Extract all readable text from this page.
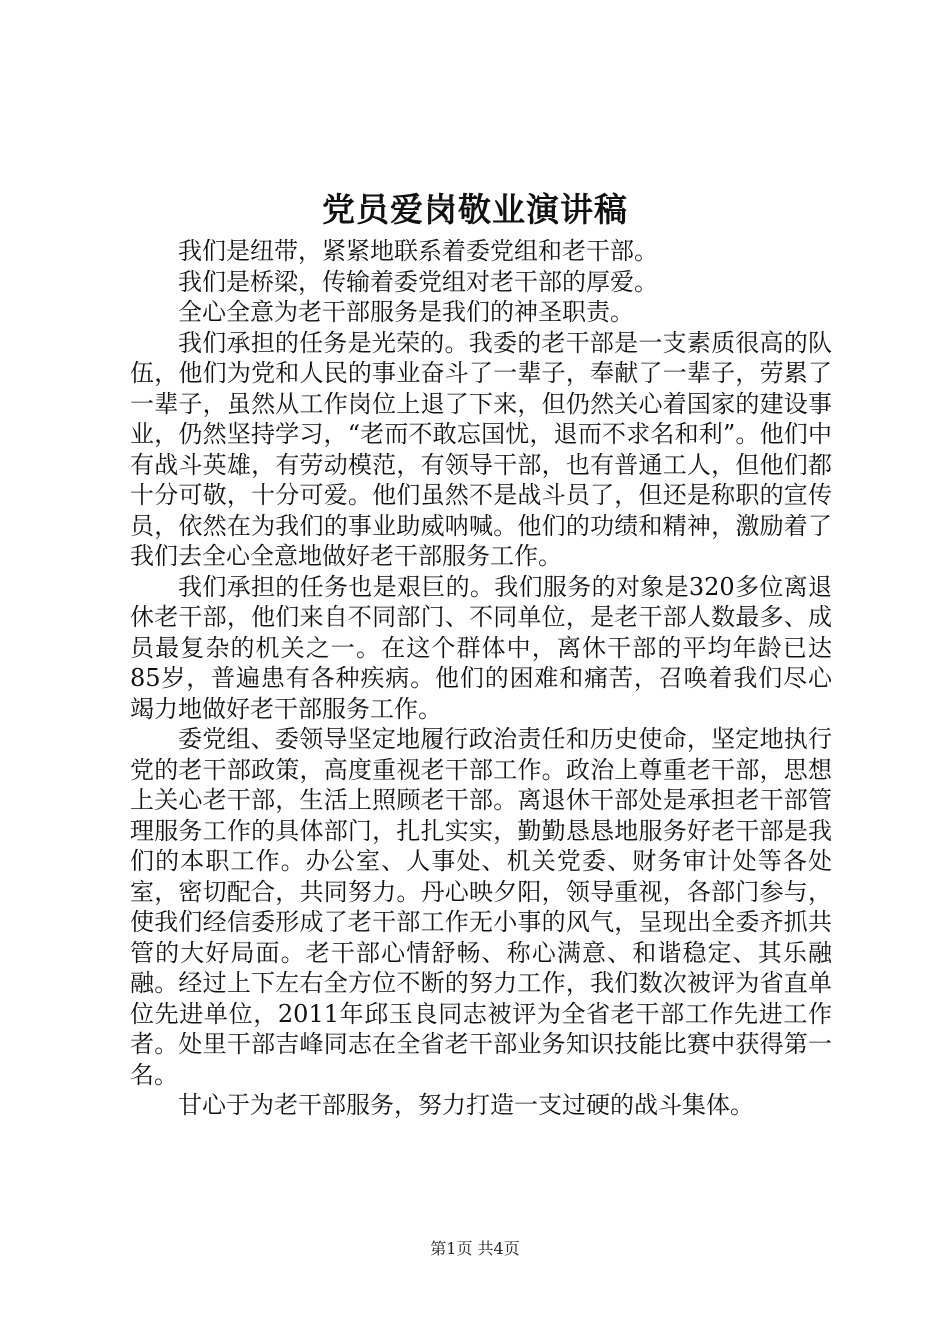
党员爱岗敬业演讲稿

我们是纽带，紧紧地联系着委党组和老干部。

我们是桥梁，传输着委党组对老干部的厚爱。

全心全意为老干部服务是我们的神圣职责。

我们承担的任务是光荣的。我委的老干部是一支素质很高的队伍，他们为党和人民的事业奋斗了一辈子，奉献了一辈子，劳累了一辈子，虽然从工作岗位上退了下来，但仍然关心着国家的建设事业，仍然坚持学习，“老而不敢忘国忧，退而不求名和利”。他们中有战斗英雄，有劳动模范，有领导干部，也有普通工人，但他们都十分可敬，十分可爱。他们虽然不是战斗员了，但还是称职的宣传员，依然在为我们的事业助威呐喊。他们的功绩和精神，激励着了我们去全心全意地做好老干部服务工作。

我们承担的任务也是艰巨的。我们服务的对象是320多位离退休老干部，他们来自不同部门、不同单位，是老干部人数最多、成员最复杂的机关之一。在这个群体中，离休干部的平均年龄已达85岁，普遍患有各种疾病。他们的困难和痛苦，召唤着我们尽心竭力地做好老干部服务工作。

委党组、委领导坚定地履行政治责任和历史使命，坚定地执行党的老干部政策，高度重视老干部工作。政治上尊重老干部，思想上关心老干部，生活上照顾老干部。离退休干部处是承担老干部管理服务工作的具体部门，扎扎实实，勤勤恳恳地服务好老干部是我们的本职工作。办公室、人事处、机关党委、财务审计处等各处室，密切配合，共同努力。丹心映夕阳，领导重视，各部门参与，使我们经信委形成了老干部工作无小事的风气，呈现出全委齐抓共管的大好局面。老干部心情舒畅、称心满意、和谐稳定、其乐融融。经过上下左右全方位不断的努力工作，我们数次被评为省直单位先进单位，2011年邱玉良同志被评为全省老干部工作先进工作者。处里干部吉峰同志在全省老干部业务知识技能比赛中获得第一名。

甘心于为老干部服务，努力打造一支过硬的战斗集体。

第1页 共4页
